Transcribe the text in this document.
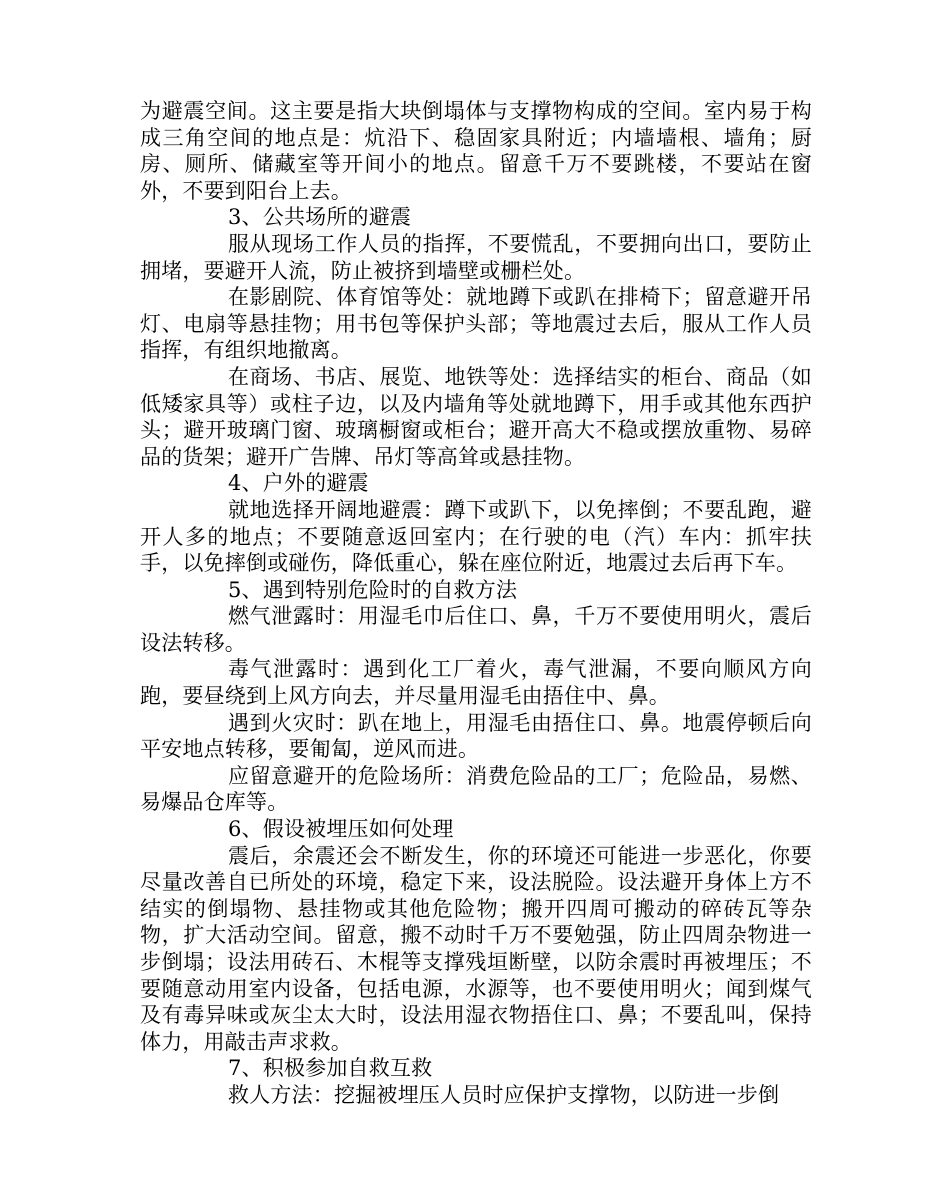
为避震空间。这主要是指大块倒塌体与支撑物构成的空间。室内易于构成三角空间的地点是：炕沿下、稳固家具附近；内墙墙根、墙角；厨房、厕所、储藏室等开间小的地点。留意千万不要跳楼，不要站在窗外，不要到阳台上去。

3、公共场所的避震

服从现场工作人员的指挥，不要慌乱，不要拥向出口，要防止拥堵，要避开人流，防止被挤到墙壁或栅栏处。

在影剧院、体育馆等处：就地蹲下或趴在排椅下；留意避开吊灯、电扇等悬挂物；用书包等保护头部；等地震过去后，服从工作人员指挥，有组织地撤离。

在商场、书店、展览、地铁等处：选择结实的柜台、商品（如低矮家具等）或柱子边，以及内墙角等处就地蹲下，用手或其他东西护头；避开玻璃门窗、玻璃橱窗或柜台；避开高大不稳或摆放重物、易碎品的货架；避开广告牌、吊灯等高耸或悬挂物。

4、户外的避震

就地选择开阔地避震：蹲下或趴下，以免摔倒；不要乱跑，避开人多的地点；不要随意返回室内；在行驶的电（汽）车内：抓牢扶手，以免摔倒或碰伤，降低重心，躲在座位附近，地震过去后再下车。

5、遇到特别危险时的自救方法

燃气泄露时：用湿毛巾后住口、鼻，千万不要使用明火，震后设法转移。

毒气泄露时：遇到化工厂着火，毒气泄漏，不要向顺风方向跑，要昼绕到上风方向去，并尽量用湿毛由捂住中、鼻。

遇到火灾时：趴在地上，用湿毛由捂住口、鼻。地震停顿后向平安地点转移，要匍匐，逆风而进。

应留意避开的危险场所：消费危险品的工厂；危险品，易燃、易爆品仓库等。

6、假设被埋压如何处理

震后，余震还会不断发生，你的环境还可能进一步恶化，你要尽量改善自已所处的环境，稳定下来，设法脱险。设法避开身体上方不结实的倒塌物、悬挂物或其他危险物；搬开四周可搬动的碎砖瓦等杂物，扩大活动空间。留意，搬不动时千万不要勉强，防止四周杂物进一步倒塌；设法用砖石、木棍等支撑残垣断壁，以防余震时再被埋压；不要随意动用室内设备，包括电源，水源等，也不要使用明火；闻到煤气及有毒异味或灰尘太大时，设法用湿衣物捂住口、鼻；不要乱叫，保持体力，用敲击声求救。

7、积极参加自救互救

救人方法：挖掘被埋压人员时应保护支撑物，以防进一步倒
